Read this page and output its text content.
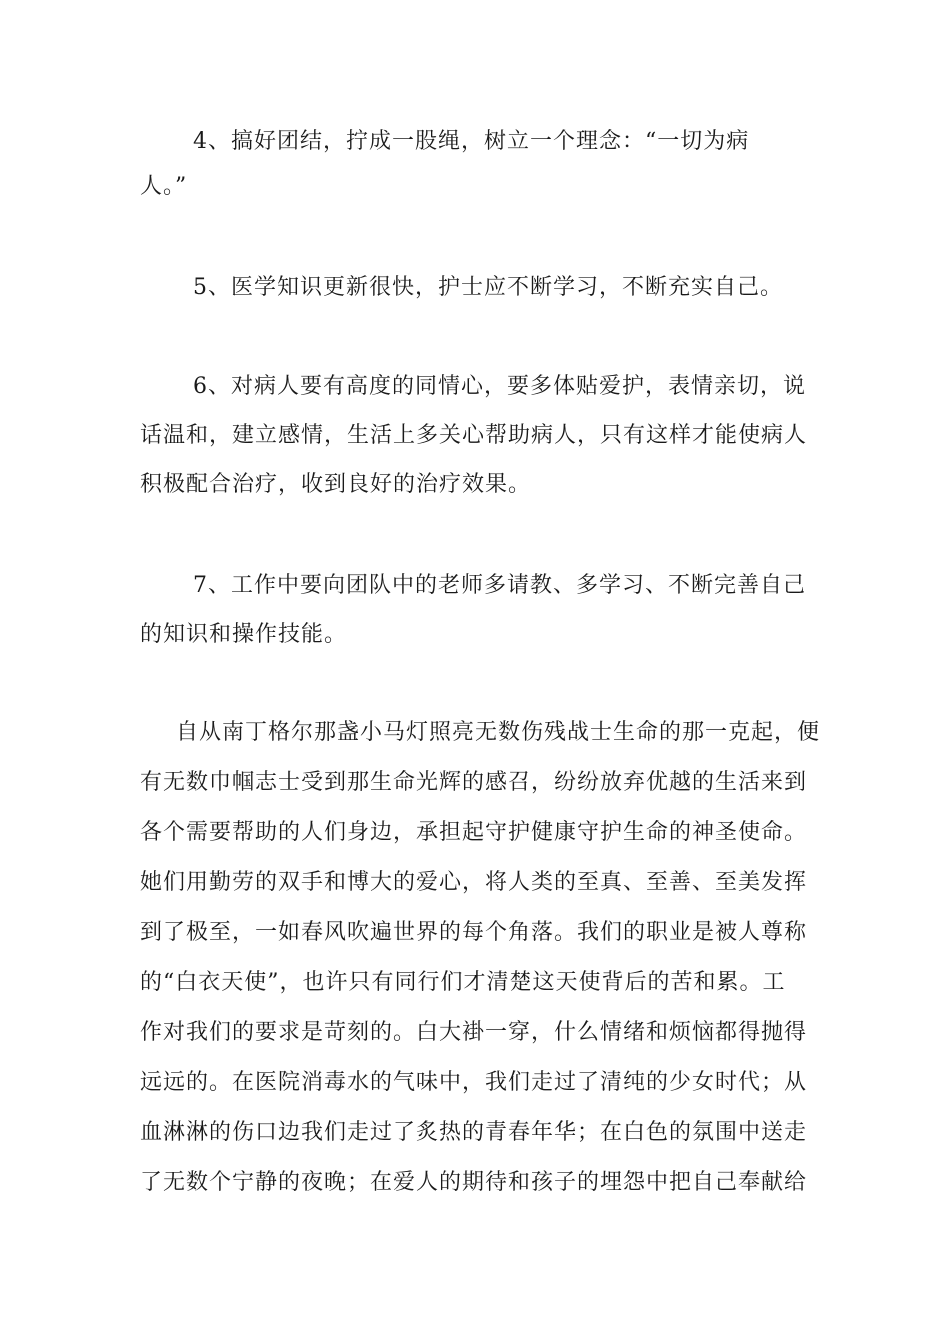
4、搞好团结，拧成一股绳，树立一个理念：“一切为病
人。”
5、医学知识更新很快，护士应不断学习，不断充实自己。
6、对病人要有高度的同情心，要多体贴爱护，表情亲切，说
话温和，建立感情，生活上多关心帮助病人，只有这样才能使病人
积极配合治疗，收到良好的治疗效果。
7、工作中要向团队中的老师多请教、多学习、不断完善自己
的知识和操作技能。
自从南丁格尔那盏小马灯照亮无数伤残战士生命的那一克起，便
有无数巾帼志士受到那生命光辉的感召，纷纷放弃优越的生活来到
各个需要帮助的人们身边，承担起守护健康守护生命的神圣使命。
她们用勤劳的双手和博大的爱心，将人类的至真、至善、至美发挥
到了极至，一如春风吹遍世界的每个角落。我们的职业是被人尊称
的“白衣天使”，也许只有同行们才清楚这天使背后的苦和累。工
作对我们的要求是苛刻的。白大褂一穿，什么情绪和烦恼都得抛得
远远的。在医院消毒水的气味中，我们走过了清纯的少女时代；从
血淋淋的伤口边我们走过了炙热的青春年华；在白色的氛围中送走
了无数个宁静的夜晚；在爱人的期待和孩子的埋怨中把自己奉献给
